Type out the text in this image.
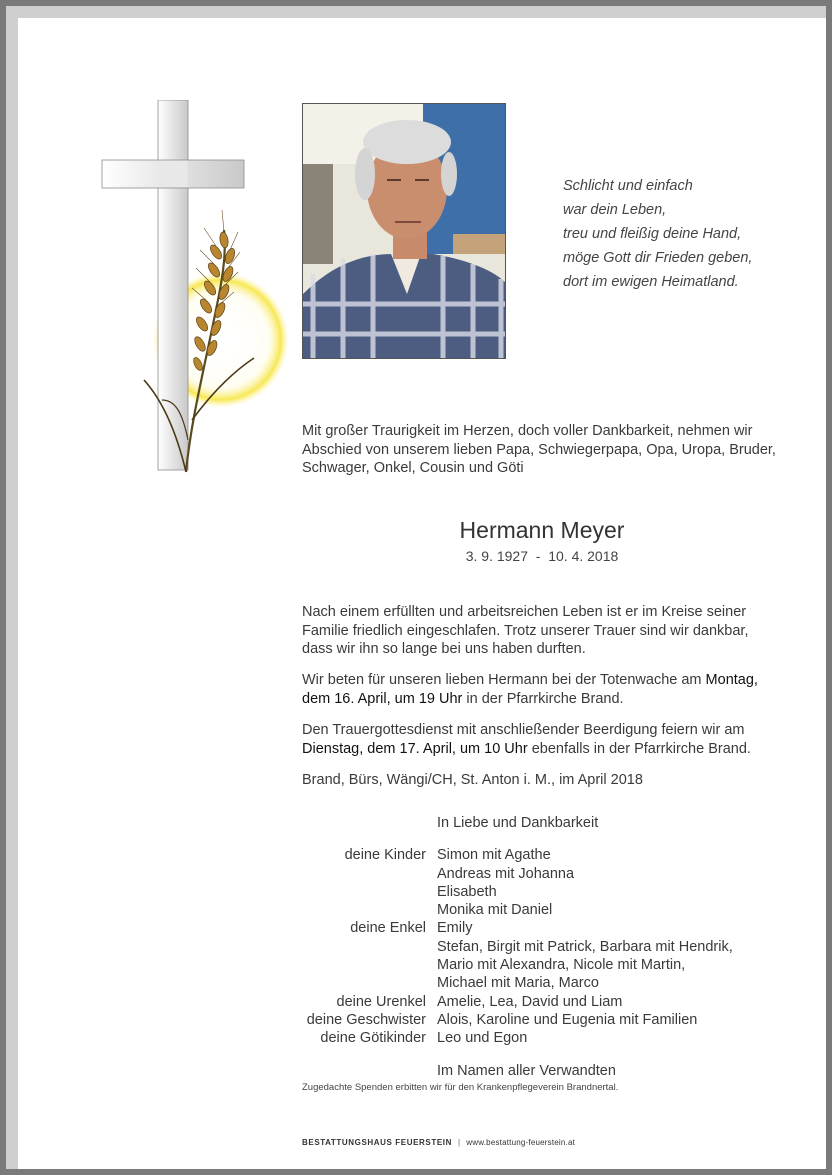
Schlicht und einfach
war dein Leben,
treu und fleißig deine Hand,
möge Gott dir Frieden geben,
dort im ewigen Heimatland.
Mit großer Traurigkeit im Herzen, doch voller Dankbarkeit, nehmen wir Abschied von unserem lieben Papa, Schwiegerpapa, Opa, Uropa, Bruder, Schwager, Onkel, Cousin und Göti
Hermann Meyer
3. 9. 1927  -  10. 4. 2018
Nach einem erfüllten und arbeitsreichen Leben ist er im Kreise seiner Familie friedlich eingeschlafen. Trotz unserer Trauer sind wir dankbar, dass wir ihn so lange bei uns haben durften.
Wir beten für unseren lieben Hermann bei der Totenwache am Montag, dem 16. April, um 19 Uhr in der Pfarrkirche Brand.
Den Trauergottesdienst mit anschließender Beerdigung feiern wir am Dienstag, dem 17. April, um 10 Uhr ebenfalls in der Pfarrkirche Brand.
Brand, Bürs, Wängi/CH, St. Anton i. M., im April 2018
In Liebe und Dankbarkeit
deine Kinder Simon mit Agathe
Andreas mit Johanna
Elisabeth
Monika mit Daniel
deine Enkel Emily
Stefan, Birgit mit Patrick, Barbara mit Hendrik,
Mario mit Alexandra, Nicole mit Martin,
Michael mit Maria, Marco
deine Urenkel Amelie, Lea, David und Liam
deine Geschwister Alois, Karoline und Eugenia mit Familien
deine Götikinder Leo und Egon
Im Namen aller Verwandten
Zugedachte Spenden erbitten wir für den Krankenpflegeverein Brandnertal.
BESTATTUNGSHAUS FEUERSTEIN | www.bestattung-feuerstein.at
